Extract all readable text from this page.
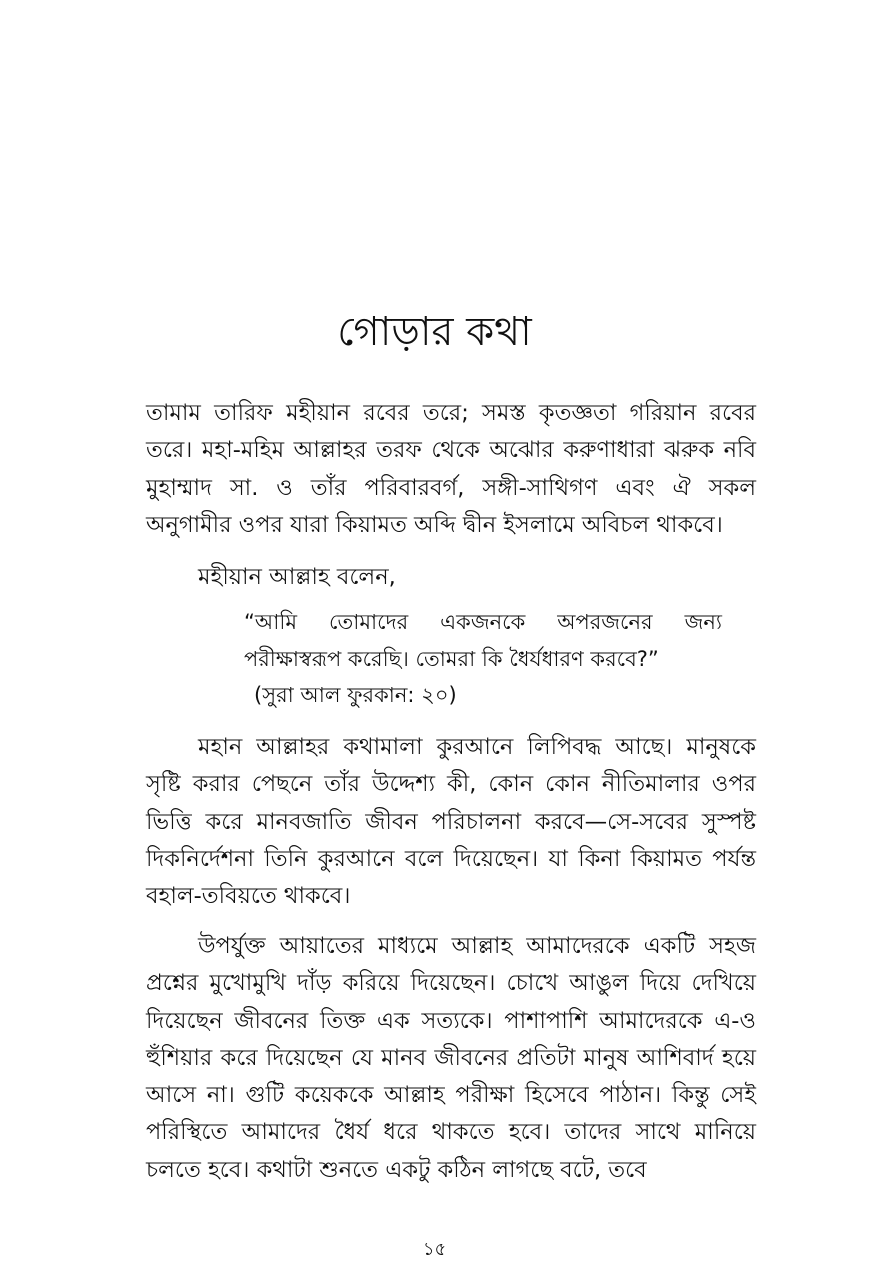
গোড়ার কথা

তামাম তারিফ মহীয়ান রবের তরে; সমস্ত কৃতজ্ঞতা গরিয়ান রবের তরে। মহা-মহিম আল্লাহর তরফ থেকে অঝোর করুণাধারা ঝরুক নবি মুহাম্মাদ সা. ও তাঁর পরিবারবর্গ, সঙ্গী-সাথিগণ এবং ঐ সকল অনুগামীর ওপর যারা কিয়ামত অব্দি দ্বীন ইসলামে অবিচল থাকবে।

মহীয়ান আল্লাহ বলেন,

“আমি তোমাদের একজনকে অপরজনের জন্য পরীক্ষাস্বরূপ করেছি। তোমরা কি ধৈর্যধারণ করবে?”
(সুরা আল ফুরকান: ২০)

মহান আল্লাহর কথামালা কুরআনে লিপিবদ্ধ আছে। মানুষকে সৃষ্টি করার পেছনে তাঁর উদ্দেশ্য কী, কোন কোন নীতিমালার ওপর ভিত্তি করে মানবজাতি জীবন পরিচালনা করবে—সে-সবের সুস্পষ্ট দিকনির্দেশনা তিনি কুরআনে বলে দিয়েছেন। যা কিনা কিয়ামত পর্যন্ত বহাল-তবিয়তে থাকবে।

উপর্যুক্ত আয়াতের মাধ্যমে আল্লাহ আমাদেরকে একটি সহজ প্রশ্নের মুখোমুখি দাঁড় করিয়ে দিয়েছেন। চোখে আঙুল দিয়ে দেখিয়ে দিয়েছেন জীবনের তিক্ত এক সত্যকে। পাশাপাশি আমাদেরকে এ-ও হুঁশিয়ার করে দিয়েছেন যে মানব জীবনের প্রতিটা মানুষ আশিবার্দ হয়ে আসে না। গুটি কয়েককে আল্লাহ পরীক্ষা হিসেবে পাঠান। কিন্তু সেই পরিস্থিতে আমাদের ধৈর্য ধরে থাকতে হবে। তাদের সাথে মানিয়ে চলতে হবে। কথাটা শুনতে একটু কঠিন লাগছে বটে, তবে

১৫
